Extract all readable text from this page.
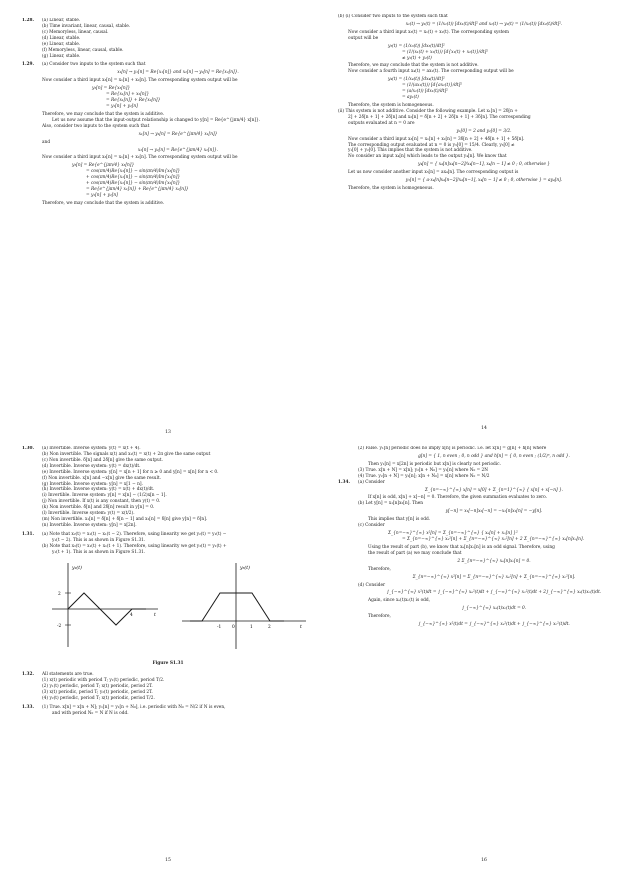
1.28. (a) Linear, stable.
(b) Time invariant, linear, causal, stable.
(c) Memoryless, linear, causal.
(d) Linear, stable.
(e) Linear, stable.
(f) Memoryless, linear, causal, stable.
(g) Linear, stable.
1.29. (a) Consider two inputs to the system such that
x₁[n] → y₁[n] = Re{x₁[n]} and x₂[n] → y₂[n] = Re{x₂[n]}.
Now consider a third input x₃[n] = x₁[n] + x₂[n]. The corresponding system output will be
y₃[n] = Re{x₃[n]}
= Re{x₁[n] + x₂[n]}
= Re{x₁[n]} + Re{x₂[n]}
= y₁[n] + y₂[n]
Therefore, we may conclude that the system is additive.
Let us now assume that the input-output relationship is changed to y[n] = Re{e^{jπn/4} x[n]}.
Also, consider two inputs to the system such that
x₁[n] → y₁[n] = Re{e^{jπn/4} x₁[n]}
and
x₂[n] → y₂[n] = Re{e^{jπn/4} x₂[n]}.
Now consider a third input x₃[n] = x₁[n] + x₂[n]. The corresponding system output will be
y₃[n] = Re{e^{jπn/4} x₃[n]}
= cos(πn/4)Re{x₃[n]} − sin(πn/4)Im{x₃[n]}
+ cos(πn/4)Re{x₁[n]} − sin(πn/4)Im{x₁[n]}
+ cos(πn/4)Re{x₂[n]} − sin(πn/4)Im{x₂[n]}
= Re{e^{jπn/4} x₁[n]} + Re{e^{jπn/4} x₂[n]}
= y₁[n] + y₂[n]
Therefore, we may conclude that the system is additive.
13
(b) (i) Consider two inputs to the system such that
x₁(t) → y₁(t) = (1/x₁(t)) [dx₁(t)/dt]² and x₂(t) → y₂(t) = (1/x₂(t)) [dx₂(t)/dt]².
Now consider a third input x₃(t) = x₁(t) + x₂(t). The corresponding system
output will be
y₃(t) = (1/x₃(t)) [dx₃(t)/dt]²
= (1/(x₁(t) + x₂(t))) [d{x₁(t) + x₂(t)}/dt]²
≠ y₁(t) + y₂(t)
Therefore, we may conclude that the system is not additive.
Now consider a fourth input x₄(t) = ax₁(t). The corresponding output will be
y₄(t) = (1/x₄(t)) [dx₄(t)/dt]²
= (1/(ax₁(t))) [d{ax₁(t)}/dt]²
= (a/x₁(t)) [dx₁(t)/dt]²
= ay₁(t)
Therefore, the system is homogeneous.
(ii) This system is not additive. Consider the following example. Let x₁[n] = 2δ[n +
2] + 2δ[n + 1] + 2δ[n] and x₂[n] = δ[n + 2] + 2δ[n + 1] + 3δ[n]. The corresponding
outputs evaluated at n = 0 are
y₁[0] = 2 and y₂[0] = 3/2.
Now consider a third input x₃[n] = x₁[n] + x₂[n] = 3δ[n + 2] + 4δ[n + 1] + 5δ[n].
The corresponding output evaluated at n = 0 is y₃[0] = 15/4. Clearly, y₃[0] ≠
y₁[0] + y₂[0]. This implies that the system is not additive.
No consider an input x₄[n] which leads to the output y₄[n]. We know that
y₄[n] = { x₄[n]x₄[n−2]/x₄[n−1], x₄[n − 1] ≠ 0 ; 0, otherwise }
Let us now consider another input x₅[n] = ax₄[n]. The corresponding output is
y₅[n] = { a·x₄[n]x₄[n−2]/x₄[n−1], x₄[n − 1] ≠ 0 ; 0, otherwise } = ay₄[n].
Therefore, the system is homogeneous.
14
1.30. (a) Invertible. Inverse system: y(t) = x(t + 4).
(b) Non invertible. The signals x(t) and x₁(t) = x(t) + 2π give the same output
(c) Non invertible. δ[n] and 2δ[n] give the same output.
(d) Invertible. Inverse system: y(t) = dx(t)/dt.
(e) Invertible. Inverse system: y[n] = x[n + 1] for n ≥ 0 and y[n] = x[n] for n < 0.
(f) Non invertible. x[n] and −x[n] give the same result.
(g) Invertible. Inverse system: y[n] = x[1 − n].
(h) Invertible. Inverse system: y(t) = x(t) + dx(t)/dt.
(i) Invertible. Inverse system: y[n] = x[n] − (1/2)x[n − 1].
(j) Non invertible. If x(t) is any constant, then y(t) = 0.
(k) Non invertible. δ[n] and 2δ[n] result in y[n] = 0.
(l) Invertible. Inverse system: y(t) = x(t/2).
(m) Non invertible. x₁[n] = δ[n] + δ[n − 1] and x₂[n] = δ[n] give y[n] = δ[n].
(n) Invertible. Inverse system: y[n] = x[2n].
1.31. (a) Note that x₂(t) = x₁(t) − x₁(t − 2). Therefore, using linearity we get y₂(t) = y₁(t) −
y₁(t − 2). This is as shown in Figure S1.31.
(b) Note that x₃(t) = x₁(t) + x₁(t + 1). Therefore, using linearity we get y₃(t) = y₁(t) +
y₁(t + 1). This is as shown in Figure S1.31.
y₂(t)
2
-2
4	t
y₃(t)
-1	0	1	2	t
Figure S1.31
1.32. All statements are true.
(1) x(t) periodic with period T; y₁(t) periodic, period T/2.
(2) y₁(t) periodic, period T; x(t) periodic, period 2T.
(3) x(t) periodic, period T; y₂(t) periodic, period 2T.
(4) y₂(t) periodic, period T; x(t) periodic, period T/2.
1.33. (1) True. x[n] = x[n + N]; y₁[n] = y₁[n + N₀], i.e. periodic with N₀ = N/2 if N is even,
and with period N₀ = N if N is odd.
15
(2) False. y₁[n] periodic does no imply x[n] is periodic. i.e. let x[n] = g[n] + h[n] where
g[n] = { 1, n even ; 0, n odd } and h[n] = { 0, n even ; (1/2)ⁿ, n odd }.
Then y₁[n] = x[2n] is periodic but x[n] is clearly not periodic.
(3) True. x[n + N] = x[n]; y₂[n + N₀] = y₂[n] where N₀ = 2N
(4) True. y₂[n + N] = y₂[n]; x[n + N₀] = x[n] where N₀ = N/2
1.34. (a) Consider
Σ_{n=−∞}^{∞} x[n] = x[0] + Σ_{n=1}^{∞} { x[n] + x[−n] }.
If x[n] is odd, x[n] + x[−n] = 0. Therefore, the given summation evaluates to zero.
(b) Let y[n] = x₁[n]x₂[n]. Then
y[−n] = x₁[−n]x₂[−n] = −x₁[n]x₂[n] = −y[n].
This implies that y[n] is odd.
(c) Consider
Σ_{n=−∞}^{∞} x²[n] = Σ_{n=−∞}^{∞} { xₑ[n] + xₒ[n] }²
= Σ_{n=−∞}^{∞} xₑ²[n] + Σ_{n=−∞}^{∞} xₒ²[n] + 2 Σ_{n=−∞}^{∞} xₑ[n]xₒ[n].
Using the result of part (b), we know that xₑ[n]xₒ[n] is an odd signal. Therefore, using
the result of part (a) we may conclude that
2 Σ_{n=−∞}^{∞} xₑ[n]xₒ[n] = 0.
Therefore,
Σ_{n=−∞}^{∞} x²[n] = Σ_{n=−∞}^{∞} xₑ²[n] + Σ_{n=−∞}^{∞} xₒ²[n].
(d) Consider
∫_{−∞}^{∞} x²(t)dt = ∫_{−∞}^{∞} xₑ²(t)dt + ∫_{−∞}^{∞} xₒ²(t)dt + 2∫_{−∞}^{∞} xₑ(t)xₒ(t)dt.
Again, since xₑ(t)xₒ(t) is odd,
∫_{−∞}^{∞} xₑ(t)xₒ(t)dt = 0.
Therefore,
∫_{−∞}^{∞} x²(t)dt = ∫_{−∞}^{∞} xₑ²(t)dt + ∫_{−∞}^{∞} xₒ²(t)dt.
16
